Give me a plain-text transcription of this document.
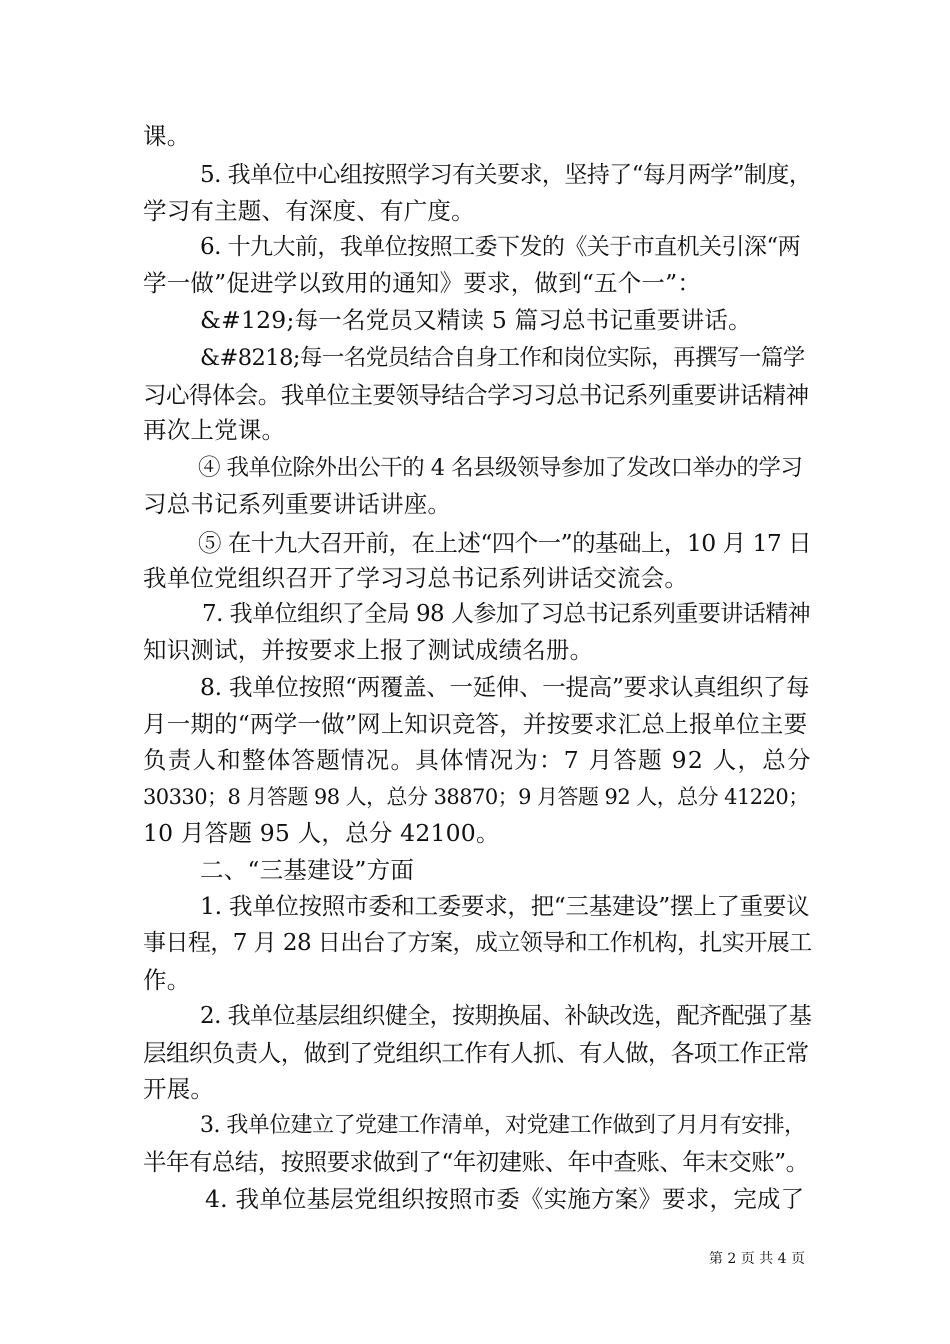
课。
5. 我单位中心组按照学习有关要求，坚持了“每月两学”制度，
学习有主题、有深度、有广度。
6. 十九大前，我单位按照工委下发的《关于市直机关引深“两
学一做”促进学以致用的通知》要求，做到“五个一”：
&#129;每一名党员又精读 5 篇习总书记重要讲话。
&#8218;每一名党员结合自身工作和岗位实际，再撰写一篇学
习心得体会。我单位主要领导结合学习习总书记系列重要讲话精神
再次上党课。
④ 我单位除外出公干的 4 名县级领导参加了发改口举办的学习
习总书记系列重要讲话讲座。
⑤ 在十九大召开前，在上述“四个一”的基础上，10 月 17 日
我单位党组织召开了学习习总书记系列讲话交流会。
7. 我单位组织了全局 98 人参加了习总书记系列重要讲话精神
知识测试，并按要求上报了测试成绩名册。
8. 我单位按照“两覆盖、一延伸、一提高”要求认真组织了每
月一期的“两学一做”网上知识竞答，并按要求汇总上报单位主要
负责人和整体答题情况。具体情况为：7 月答题 92 人，总分
30330；8 月答题 98 人，总分 38870；9 月答题 92 人，总分 41220；
10 月答题 95 人，总分 42100。
二、“三基建设”方面
1. 我单位按照市委和工委要求，把“三基建设”摆上了重要议
事日程，7 月 28 日出台了方案，成立领导和工作机构，扎实开展工
作。
2. 我单位基层组织健全，按期换届、补缺改选，配齐配强了基
层组织负责人，做到了党组织工作有人抓、有人做，各项工作正常
开展。
3. 我单位建立了党建工作清单，对党建工作做到了月月有安排，
半年有总结，按照要求做到了“年初建账、年中查账、年末交账”。
4. 我单位基层党组织按照市委《实施方案》要求，完成了
第 2 页 共 4 页
